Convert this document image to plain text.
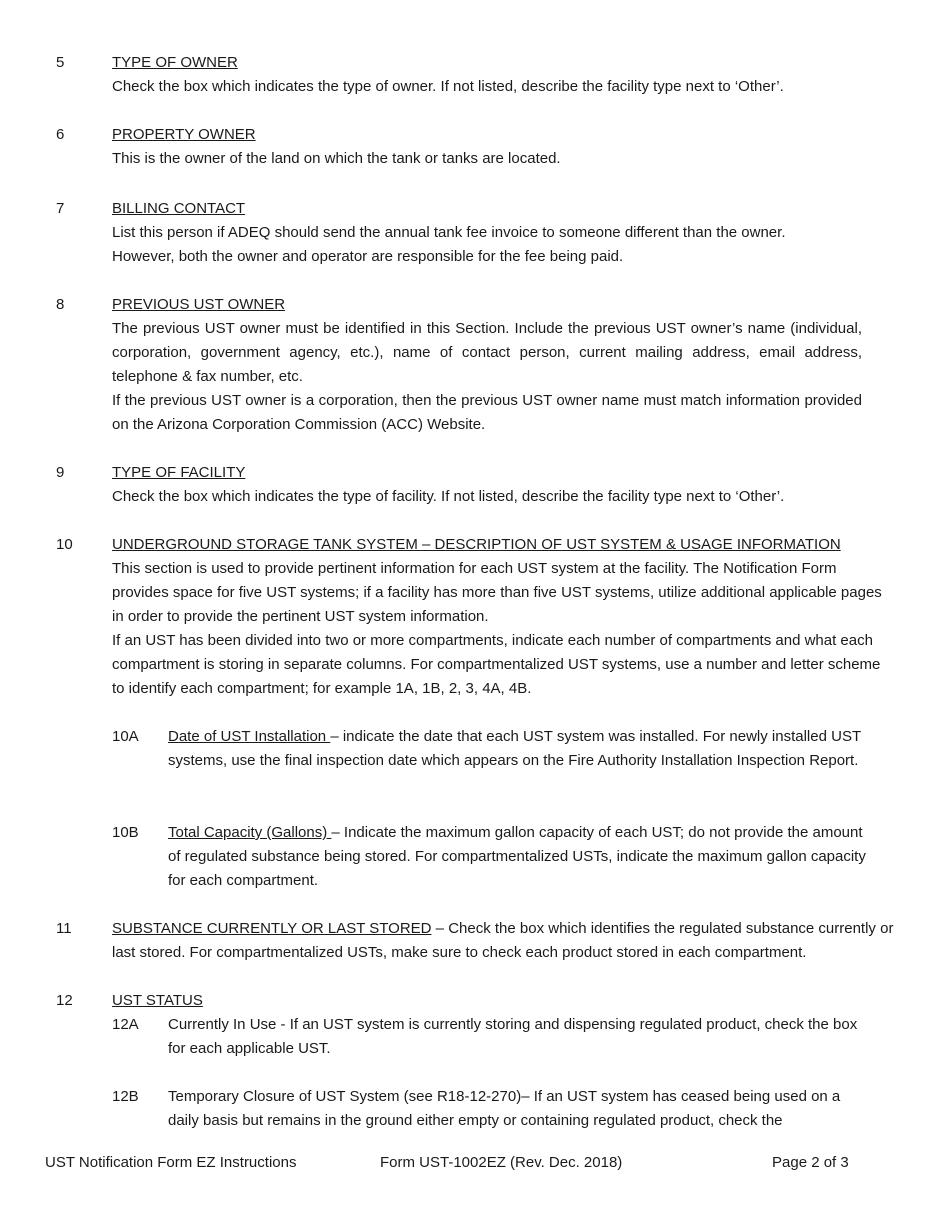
5	TYPE OF OWNER
Check the box which indicates the type of owner. If not listed, describe the facility type next to ‘Other’.
6	PROPERTY OWNER
This is the owner of the land on which the tank or tanks are located.
7	BILLING CONTACT
List this person if ADEQ should send the annual tank fee invoice to someone different than the owner. However, both the owner and operator are responsible for the fee being paid.
8	PREVIOUS UST OWNER
The previous UST owner must be identified in this Section. Include the previous UST owner’s name (individual, corporation, government agency, etc.), name of contact person, current mailing address, email address, telephone & fax number, etc.
If the previous UST owner is a corporation, then the previous UST owner name must match information provided on the Arizona Corporation Commission (ACC) Website.
9	TYPE OF FACILITY
Check the box which indicates the type of facility. If not listed, describe the facility type next to ‘Other’.
10	UNDERGROUND STORAGE TANK SYSTEM – DESCRIPTION OF UST SYSTEM & USAGE INFORMATION
This section is used to provide pertinent information for each UST system at the facility. The Notification Form provides space for five UST systems; if a facility has more than five UST systems, utilize additional applicable pages in order to provide the pertinent UST system information.
If an UST has been divided into two or more compartments, indicate each number of compartments and what each compartment is storing in separate columns. For compartmentalized UST systems, use a number and letter scheme to identify each compartment; for example 1A, 1B, 2, 3, 4A, 4B.
10A Date of UST Installation – indicate the date that each UST system was installed. For newly installed UST systems, use the final inspection date which appears on the Fire Authority Installation Inspection Report.
10B Total Capacity (Gallons) – Indicate the maximum gallon capacity of each UST; do not provide the amount of regulated substance being stored. For compartmentalized USTs, indicate the maximum gallon capacity for each compartment.
11	SUBSTANCE CURRENTLY OR LAST STORED – Check the box which identifies the regulated substance currently or last stored. For compartmentalized USTs, make sure to check each product stored in each compartment.
12	UST STATUS
12A Currently In Use - If an UST system is currently storing and dispensing regulated product, check the box for each applicable UST.
12B Temporary Closure of UST System (see R18-12-270)– If an UST system has ceased being used on a daily basis but remains in the ground either empty or containing regulated product, check the
UST Notification Form EZ Instructions	Form UST-1002EZ (Rev. Dec. 2018)	Page 2 of 3
